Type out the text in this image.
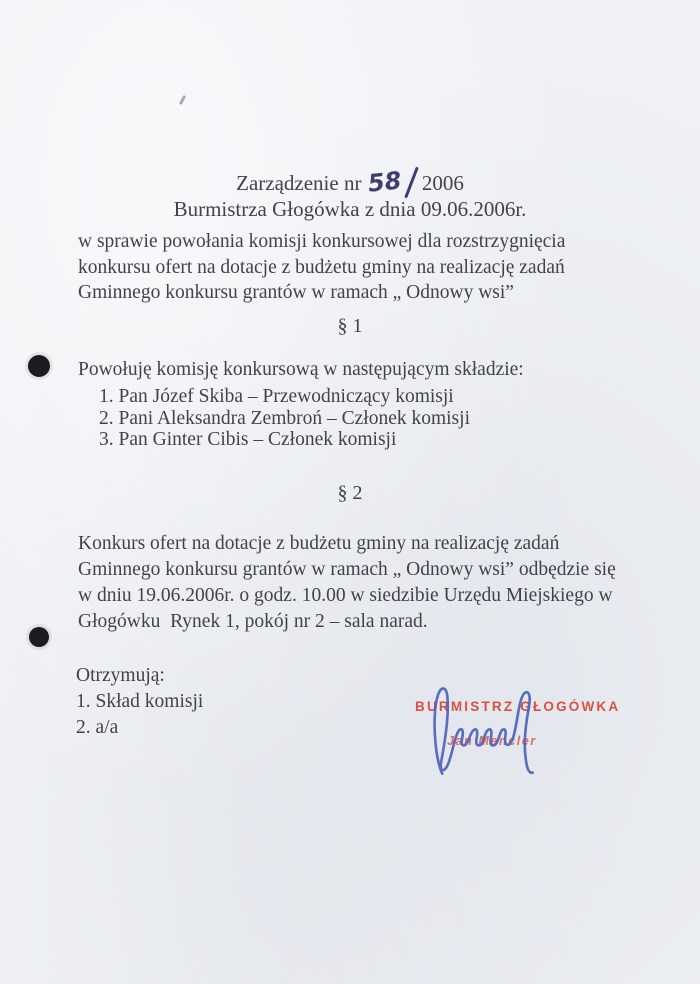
Zarządzenie nr 58 2006
Burmistrza Głogówka z dnia 09.06.2006r.
w sprawie powołania komisji konkursowej dla rozstrzygnięcia
konkursu ofert na dotacje z budżetu gminy na realizację zadań
Gminnego konkursu grantów w ramach „ Odnowy wsi”
§ 1
Powołuję komisję konkursową w następującym składzie:
1. Pan Józef Skiba – Przewodniczący komisji
2. Pani Aleksandra Zembroń – Członek komisji
3. Pan Ginter Cibis – Członek komisji
§ 2
Konkurs ofert na dotacje z budżetu gminy na realizację zadań
Gminnego konkursu grantów w ramach „ Odnowy wsi” odbędzie się
w dniu 19.06.2006r. o godz. 10.00 w siedzibie Urzędu Miejskiego w
Głogówku  Rynek 1, pokój nr 2 – sala narad.
Otrzymują:
1. Skład komisji
2. a/a
BURMISTRZ GŁOGÓWKA
Jan Mencler
